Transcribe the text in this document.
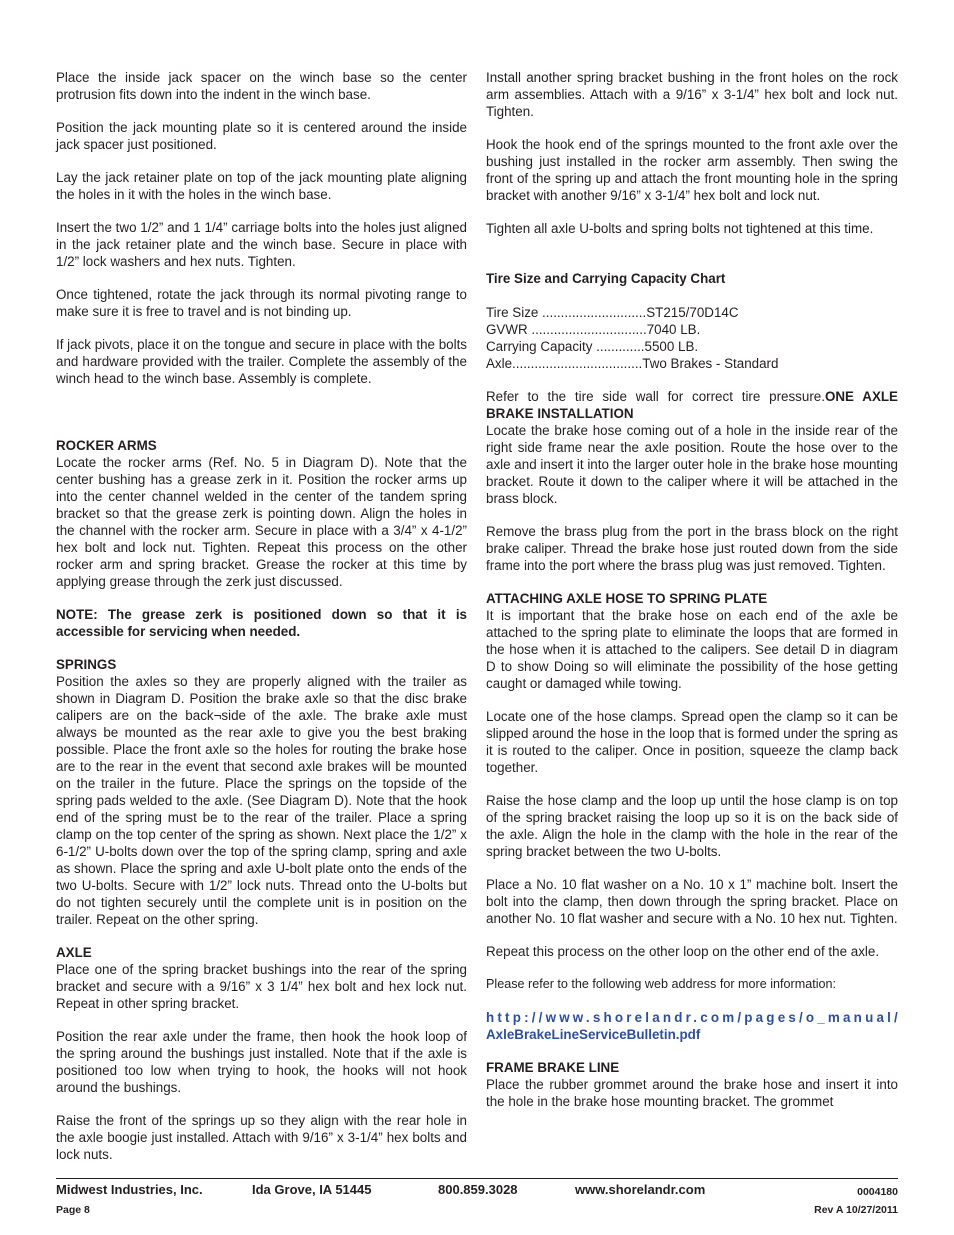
Place the inside jack spacer on the winch base so the center protrusion fits down into the indent in the winch base.

Position the jack mounting plate so it is centered around the inside jack spacer just positioned.

Lay the jack retainer plate on top of the jack mounting plate aligning the holes in it with the holes in the winch base.

Insert the two 1/2” and 1 1/4” carriage bolts into the holes just aligned in the jack retainer plate and the winch base. Secure in place with 1/2” lock washers and hex nuts. Tighten.

Once tightened, rotate the jack through its normal pivoting range to make sure it is free to travel and is not binding up.

If jack pivots, place it on the tongue and secure in place with the bolts and hardware provided with the trailer. Complete the assembly of the winch head to the winch base. Assembly is complete.

ROCKER ARMS

Locate the rocker arms (Ref. No. 5 in Diagram D). Note that the center bushing has a grease zerk in it. Position the rocker arms up into the center channel welded in the center of the tandem spring bracket so that the grease zerk is pointing down. Align the holes in the channel with the rocker arm. Secure in place with a 3/4” x 4-1/2” hex bolt and lock nut. Tighten. Repeat this process on the other rocker arm and spring bracket. Grease the rocker at this time by applying grease through the zerk just discussed.

NOTE: The grease zerk is positioned down so that it is accessible for servicing when needed.

SPRINGS

Position the axles so they are properly aligned with the trailer as shown in Diagram D. Position the brake axle so that the disc brake calipers are on the back¬side of the axle. The brake axle must always be mounted as the rear axle to give you the best braking possible. Place the front axle so the holes for routing the brake hose are to the rear in the event that second axle brakes will be mounted on the trailer in the future. Place the springs on the topside of the spring pads welded to the axle. (See Diagram D). Note that the hook end of the spring must be to the rear of the trailer. Place a spring clamp on the top center of the spring as shown. Next place the 1/2” x 6-1/2” U-bolts down over the top of the spring clamp, spring and axle as shown. Place the spring and axle U-bolt plate onto the ends of the two U-bolts. Secure with 1/2” lock nuts. Thread onto the U-bolts but do not tighten securely until the complete unit is in position on the trailer. Repeat on the other spring.

AXLE

Place one of the spring bracket bushings into the rear of the spring bracket and secure with a 9/16” x 3 1/4” hex bolt and hex lock nut. Repeat in other spring bracket.

Position the rear axle under the frame, then hook the hook loop of the spring around the bushings just installed. Note that if the axle is positioned too low when trying to hook, the hooks will not hook around the bushings.

Raise the front of the springs up so they align with the rear hole in the axle boogie just installed. Attach with 9/16” x 3-1/4” hex bolts and lock nuts.

Install another spring bracket bushing in the front holes on the rock arm assemblies. Attach with a 9/16” x 3-1/4” hex bolt and lock nut. Tighten.

Hook the hook end of the springs mounted to the front axle over the bushing just installed in the rocker arm assembly. Then swing the front of the spring up and attach the front mounting hole in the spring bracket with another 9/16” x 3-1/4” hex bolt and lock nut.

Tighten all axle U-bolts and spring bolts not tightened at this time.

Tire Size and Carrying Capacity Chart

Tire Size ............................ST215/70D14C

GVWR ...............................7040 LB.

Carrying Capacity .............5500 LB.

Axle...................................Two Brakes - Standard

Refer to the tire side wall for correct tire pressure.ONE AXLE BRAKE INSTALLATION

Locate the brake hose coming out of a hole in the inside rear of the right side frame near the axle position. Route the hose over to the axle and insert it into the larger outer hole in the brake hose mounting bracket. Route it down to the caliper where it will be attached in the brass block.

Remove the brass plug from the port in the brass block on the right brake caliper. Thread the brake hose just routed down from the side frame into the port where the brass plug was just removed. Tighten.

ATTACHING AXLE HOSE TO SPRING PLATE

It is important that the brake hose on each end of the axle be attached to the spring plate to eliminate the loops that are formed in the hose when it is attached to the calipers. See detail D in diagram D to show Doing so will eliminate the possibility of the hose getting caught or damaged while towing.

Locate one of the hose clamps. Spread open the clamp so it can be slipped around the hose in the loop that is formed under the spring as it is routed to the caliper. Once in position, squeeze the clamp back together.

Raise the hose clamp and the loop up until the hose clamp is on top of the spring bracket raising the loop up so it is on the back side of the axle. Align the hole in the clamp with the hole in the rear of the spring bracket between the two U-bolts.

Place a No. 10 flat washer on a No. 10 x 1” machine bolt. Insert the bolt into the clamp, then down through the spring bracket. Place on another No. 10 flat washer and secure with a No. 10 hex nut. Tighten.

Repeat this process on the other loop on the other end of the axle.

Please refer to the following web address for more information:

http://www.shorelandr.com/pages/o_manual/
AxleBrakeLineServiceBulletin.pdf

FRAME BRAKE LINE

Place the rubber grommet around the brake hose and insert it into the hole in the brake hose mounting bracket. The grommet

Midwest Industries, Inc.	Ida Grove, IA 51445	800.859.3028	www.shorelandr.com	0004180
Page 8	Rev A 10/27/2011
